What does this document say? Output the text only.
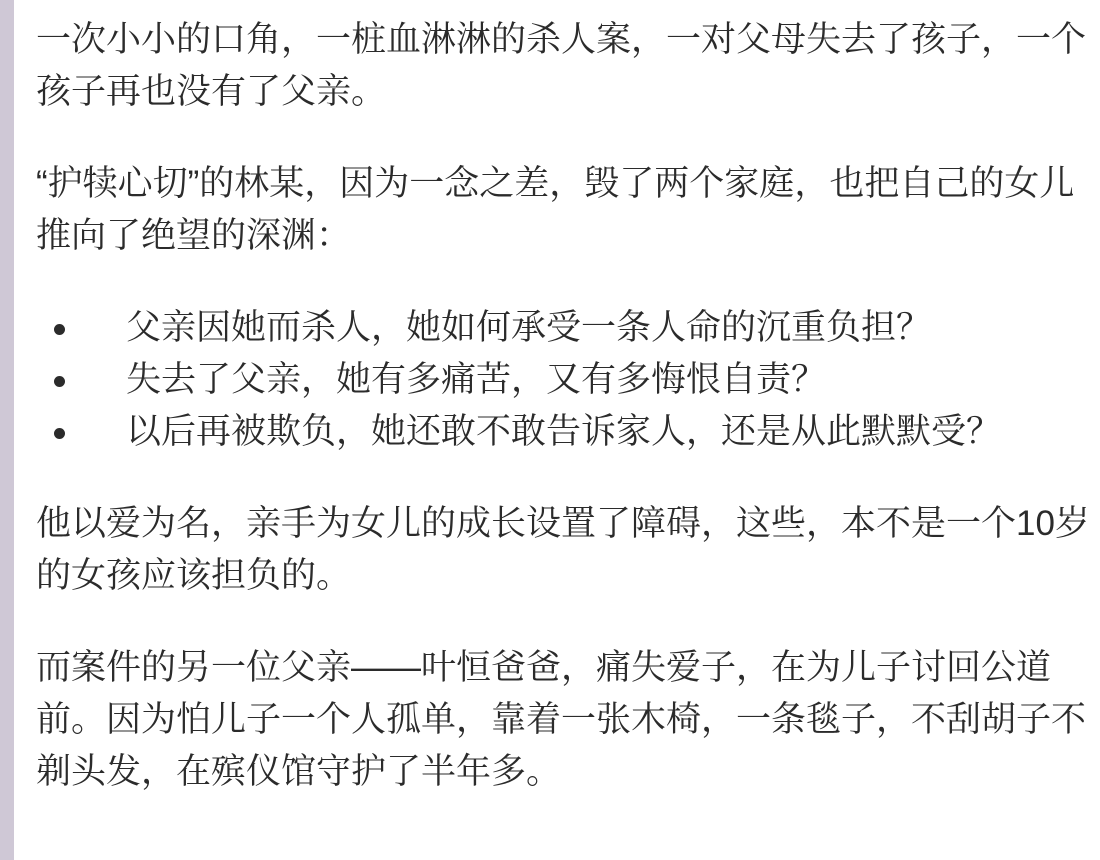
一次小小的口角，一桩血淋淋的杀人案，一对父母失去了孩子，一个孩子再也没有了父亲。

“护犊心切”的林某，因为一念之差，毁了两个家庭，也把自己的女儿推向了绝望的深渊：

父亲因她而杀人，她如何承受一条人命的沉重负担？
失去了父亲，她有多痛苦，又有多悔恨自责？
以后再被欺负，她还敢不敢告诉家人，还是从此默默受？

他以爱为名，亲手为女儿的成长设置了障碍，这些，本不是一个10岁的女孩应该担负的。

而案件的另一位父亲——叶恒爸爸，痛失爱子，在为儿子讨回公道前。因为怕儿子一个人孤单，靠着一张木椅，一条毯子，不刮胡子不剃头发，在殡仪馆守护了半年多。
